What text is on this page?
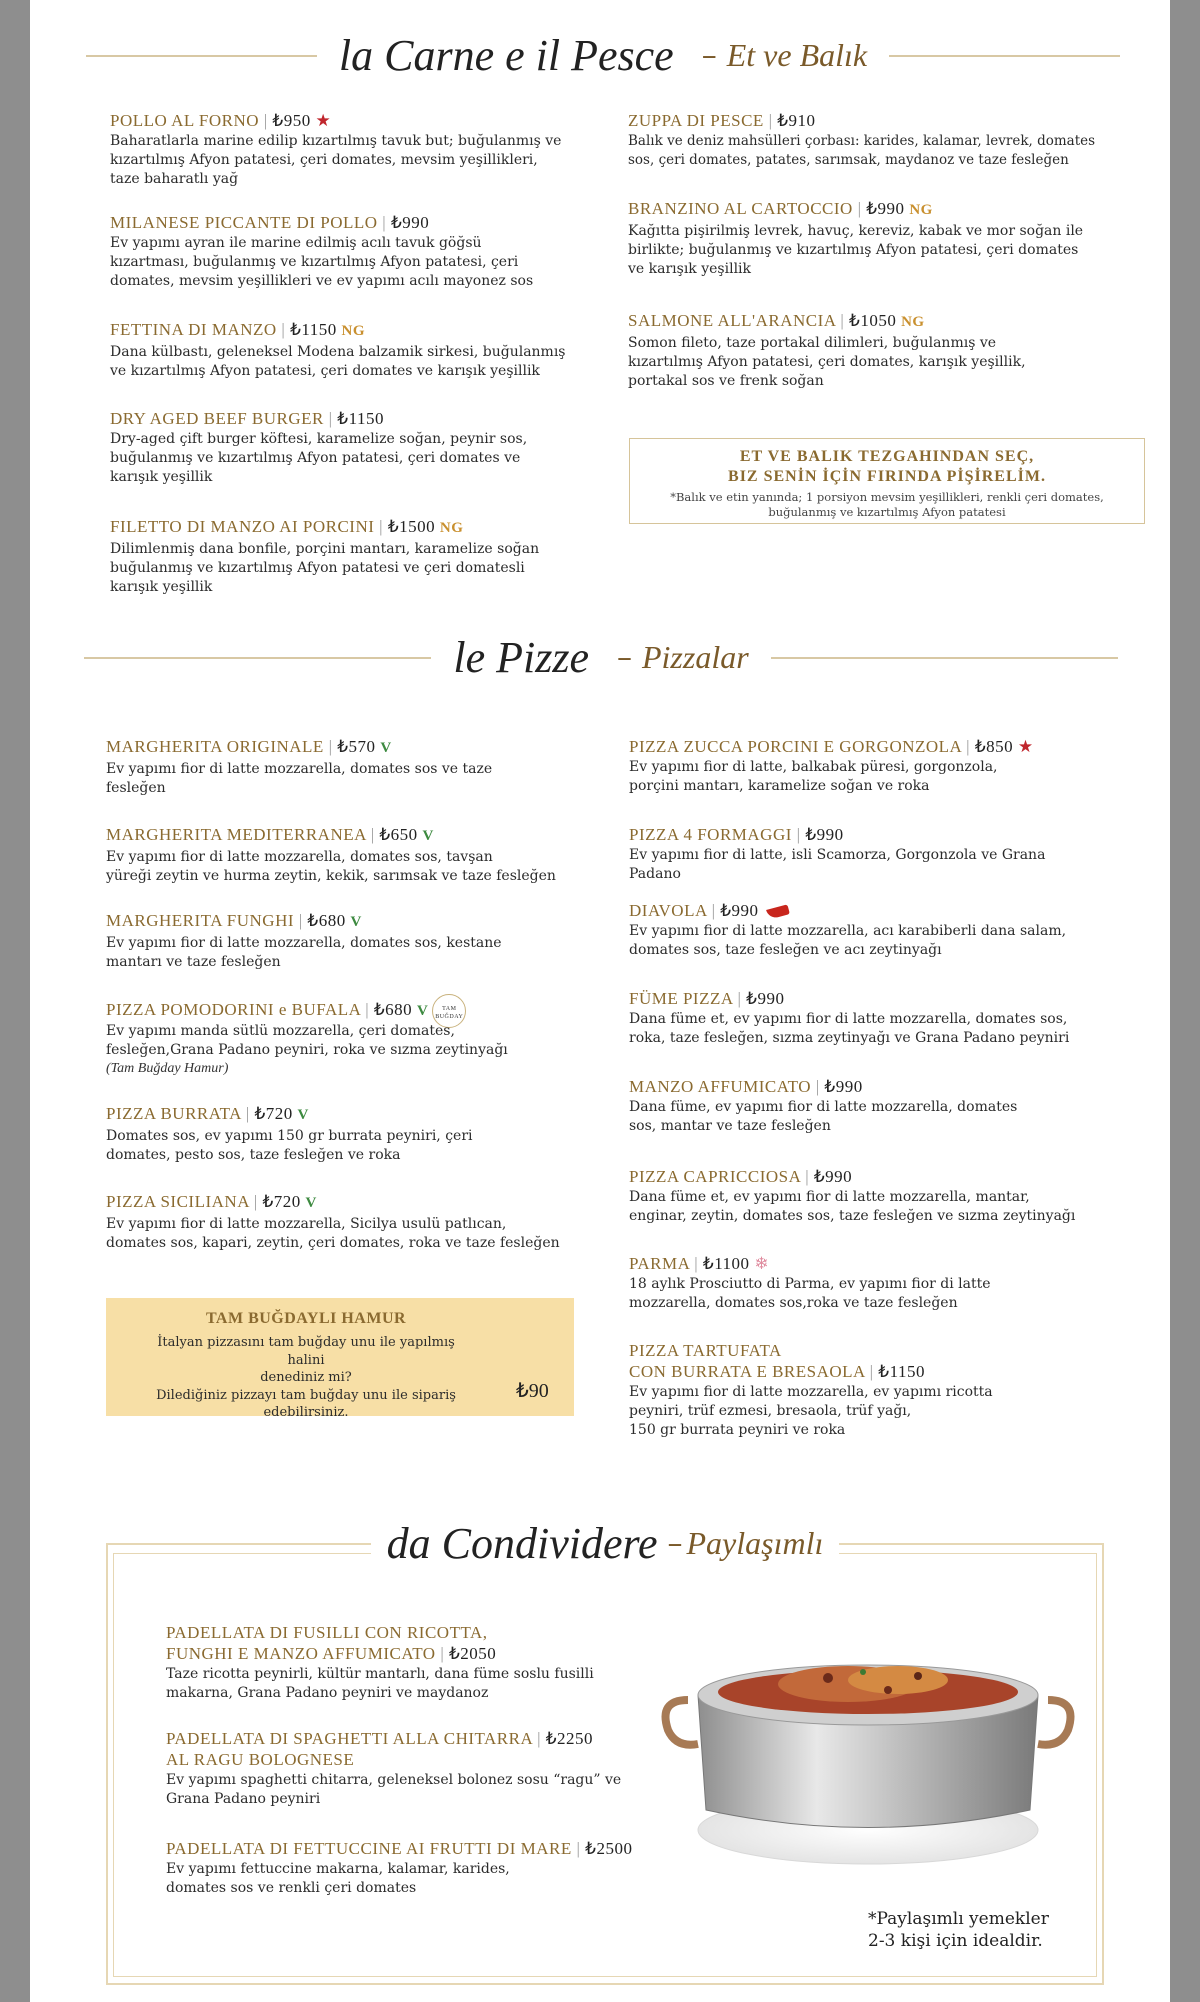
la Carne e il Pesce – Et ve Balık
POLLO AL FORNO | ₺950 ★
Baharatlarla marine edilip kızartılmış tavuk but; buğulanmış ve
kızartılmış Afyon patatesi, çeri domates, mevsim yeşillikleri,
taze baharatlı yağ
MILANESE PICCANTE DI POLLO | ₺990
Ev yapımı ayran ile marine edilmiş acılı tavuk göğsü
kızartması, buğulanmış ve kızartılmış Afyon patatesi, çeri
domates, mevsim yeşillikleri ve ev yapımı acılı mayonez sos
FETTINA DI MANZO | ₺1150 NG
Dana külbastı, geleneksel Modena balzamik sirkesi, buğulanmış
ve kızartılmış Afyon patatesi, çeri domates ve karışık yeşillik
DRY AGED BEEF BURGER | ₺1150
Dry-aged çift burger köftesi, karamelize soğan, peynir sos,
buğulanmış ve kızartılmış Afyon patatesi, çeri domates ve
karışık yeşillik
FILETTO DI MANZO AI PORCINI | ₺1500 NG
Dilimlenmiş dana bonfile, porçini mantarı, karamelize soğan
buğulanmış ve kızartılmış Afyon patatesi ve çeri domatesli
karışık yeşillik
ZUPPA DI PESCE | ₺910
Balık ve deniz mahsülleri çorbası: karides, kalamar, levrek, domates
sos, çeri domates, patates, sarımsak, maydanoz ve taze fesleğen
BRANZINO AL CARTOCCIO | ₺990 NG
Kağıtta pişirilmiş levrek, havuç, kereviz, kabak ve mor soğan ile
birlikte; buğulanmış ve kızartılmış Afyon patatesi, çeri domates
ve karışık yeşillik
SALMONE ALL'ARANCIA | ₺1050 NG
Somon fileto, taze portakal dilimleri, buğulanmış ve
kızartılmış Afyon patatesi, çeri domates, karışık yeşillik,
portakal sos ve frenk soğan
ET VE BALIK TEZGAHINDAN SEÇ,
BIZ SENİN İÇİN FIRINDA PİŞİRELİM.
*Balık ve etin yanında; 1 porsiyon mevsim yeşillikleri, renkli çeri domates,
buğulanmış ve kızartılmış Afyon patatesi
le Pizze – Pizzalar
MARGHERITA ORIGINALE | ₺570 V
Ev yapımı fior di latte mozzarella, domates sos ve taze
fesleğen
MARGHERITA MEDITERRANEA | ₺650 V
Ev yapımı fior di latte mozzarella, domates sos, tavşan
yüreği zeytin ve hurma zeytin, kekik, sarımsak ve taze fesleğen
MARGHERITA FUNGHI | ₺680 V
Ev yapımı fior di latte mozzarella, domates sos, kestane
mantarı ve taze fesleğen
PIZZA POMODORINI e BUFALA | ₺680 V TAM BUĞDAY
Ev yapımı manda sütlü mozzarella, çeri domates,
fesleğen,Grana Padano peyniri, roka ve sızma zeytinyağı
(Tam Buğday Hamur)
PIZZA BURRATA | ₺720 V
Domates sos, ev yapımı 150 gr burrata peyniri, çeri
domates, pesto sos, taze fesleğen ve roka
PIZZA SICILIANA | ₺720 V
Ev yapımı fior di latte mozzarella, Sicilya usulü patlıcan,
domates sos, kapari, zeytin, çeri domates, roka ve taze fesleğen
TAM BUĞDAYLI HAMUR
İtalyan pizzasını tam buğday unu ile yapılmış halini
denediniz mi?
Dilediğiniz pizzayı tam buğday unu ile sipariş
edebilirsiniz.
₺90
PIZZA ZUCCA PORCINI E GORGONZOLA | ₺850 ★
Ev yapımı fior di latte, balkabak püresi, gorgonzola,
porçini mantarı, karamelize soğan ve roka
PIZZA 4 FORMAGGI | ₺990
Ev yapımı fior di latte, isli Scamorza, Gorgonzola ve Grana
Padano
DIAVOLA | ₺990
Ev yapımı fior di latte mozzarella, acı karabiberli dana salam,
domates sos, taze fesleğen ve acı zeytinyağı
FÜME PIZZA | ₺990
Dana füme et, ev yapımı fior di latte mozzarella, domates sos,
roka, taze fesleğen, sızma zeytinyağı ve Grana Padano peyniri
MANZO AFFUMICATO | ₺990
Dana füme, ev yapımı fior di latte mozzarella, domates
sos, mantar ve taze fesleğen
PIZZA CAPRICCIOSA | ₺990
Dana füme et, ev yapımı fior di latte mozzarella, mantar,
enginar, zeytin, domates sos, taze fesleğen ve sızma zeytinyağı
PARMA | ₺1100 ❄
18 aylık Prosciutto di Parma, ev yapımı fior di latte
mozzarella, domates sos,roka ve taze fesleğen
PIZZA TARTUFATA
CON BURRATA E BRESAOLA | ₺1150
Ev yapımı fior di latte mozzarella, ev yapımı ricotta
peyniri, trüf ezmesi, bresaola, trüf yağı,
150 gr burrata peyniri ve roka
da Condividere – Paylaşımlı
PADELLATA DI FUSILLI CON RICOTTA,
FUNGHI E MANZO AFFUMICATO | ₺2050
Taze ricotta peynirli, kültür mantarlı, dana füme soslu fusilli
makarna, Grana Padano peyniri ve maydanoz
PADELLATA DI SPAGHETTI ALLA CHITARRA | ₺2250
AL RAGU BOLOGNESE
Ev yapımı spaghetti chitarra, geleneksel bolonez sosu “ragu” ve
Grana Padano peyniri
PADELLATA DI FETTUCCINE AI FRUTTI DI MARE | ₺2500
Ev yapımı fettuccine makarna, kalamar, karides,
domates sos ve renkli çeri domates
*Paylaşımlı yemekler
2-3 kişi için idealdir.
